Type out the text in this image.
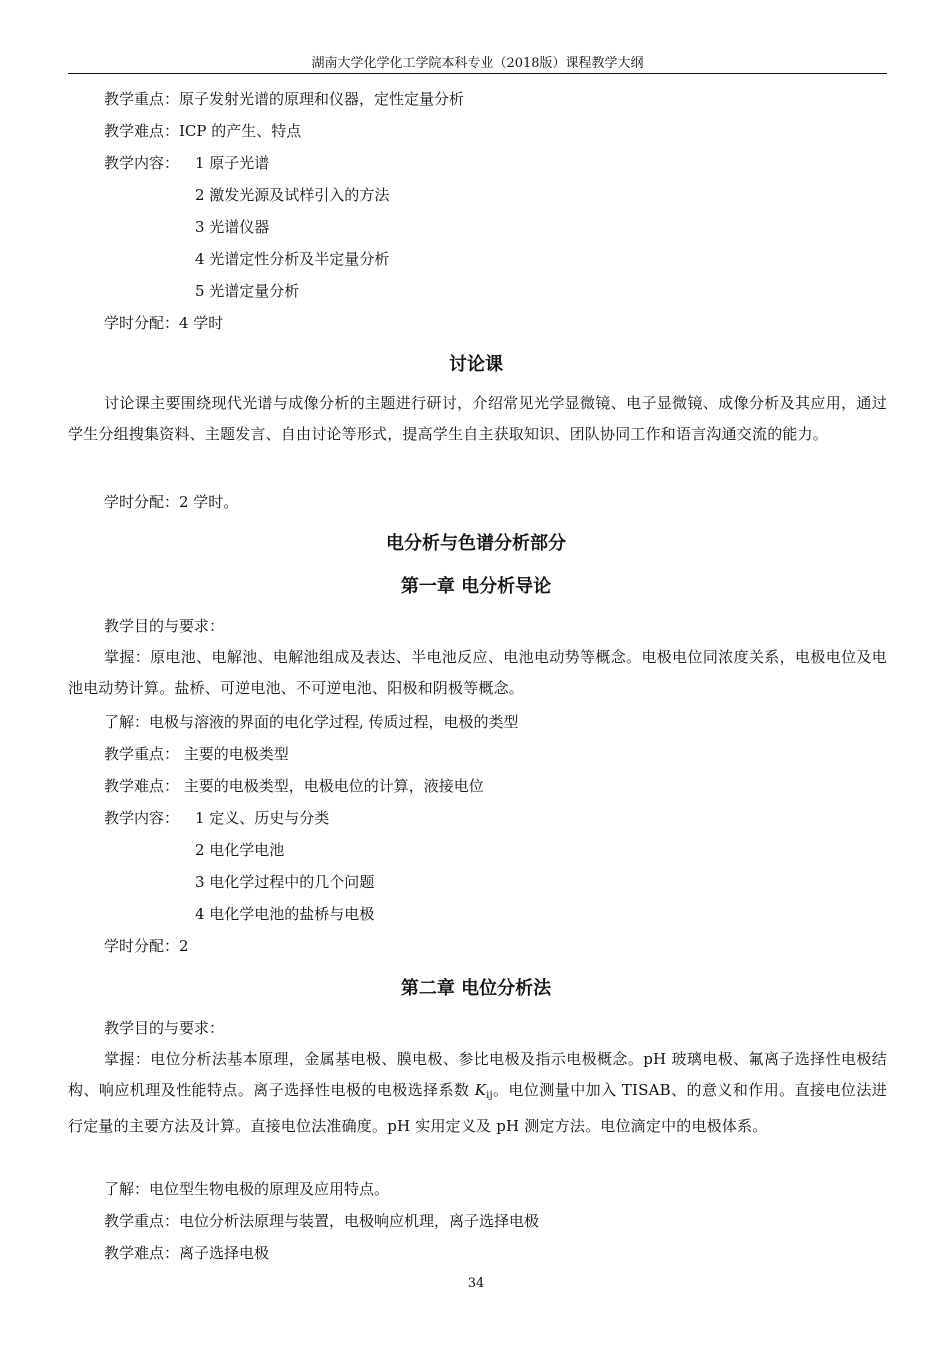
湖南大学化学化工学院本科专业（2018版）课程教学大纲
教学重点：原子发射光谱的原理和仪器，定性定量分析
教学难点：ICP 的产生、特点
教学内容： 1 原子光谱
2 激发光源及试样引入的方法
3 光谱仪器
4 光谱定性分析及半定量分析
5 光谱定量分析
学时分配：4 学时
讨论课
讨论课主要围绕现代光谱与成像分析的主题进行研讨，介绍常见光学显微镜、电子显微镜、成像分析及其应用，通过学生分组搜集资料、主题发言、自由讨论等形式，提高学生自主获取知识、团队协同工作和语言沟通交流的能力。
学时分配：2 学时。
电分析与色谱分析部分
第一章 电分析导论
教学目的与要求：
掌握：原电池、电解池、电解池组成及表达、半电池反应、电池电动势等概念。电极电位同浓度关系，电极电位及电池电动势计算。盐桥、可逆电池、不可逆电池、阳极和阴极等概念。
了解：电极与溶液的界面的电化学过程, 传质过程，电极的类型
教学重点： 主要的电极类型
教学难点： 主要的电极类型，电极电位的计算，液接电位
教学内容： 1 定义、历史与分类
2 电化学电池
3 电化学过程中的几个问题
4 电化学电池的盐桥与电极
学时分配：2
第二章 电位分析法
教学目的与要求：
掌握：电位分析法基本原理，金属基电极、膜电极、参比电极及指示电极概念。pH 玻璃电极、氟离子选择性电极结构、响应机理及性能特点。离子选择性电极的电极选择系数 $K_{ij}$。电位测量中加入 TISAB、的意义和作用。直接电位法进行定量的主要方法及计算。直接电位法准确度。pH 实用定义及 pH 测定方法。电位滴定中的电极体系。
了解：电位型生物电极的原理及应用特点。
教学重点：电位分析法原理与装置，电极响应机理，离子选择电极
教学难点：离子选择电极
34
